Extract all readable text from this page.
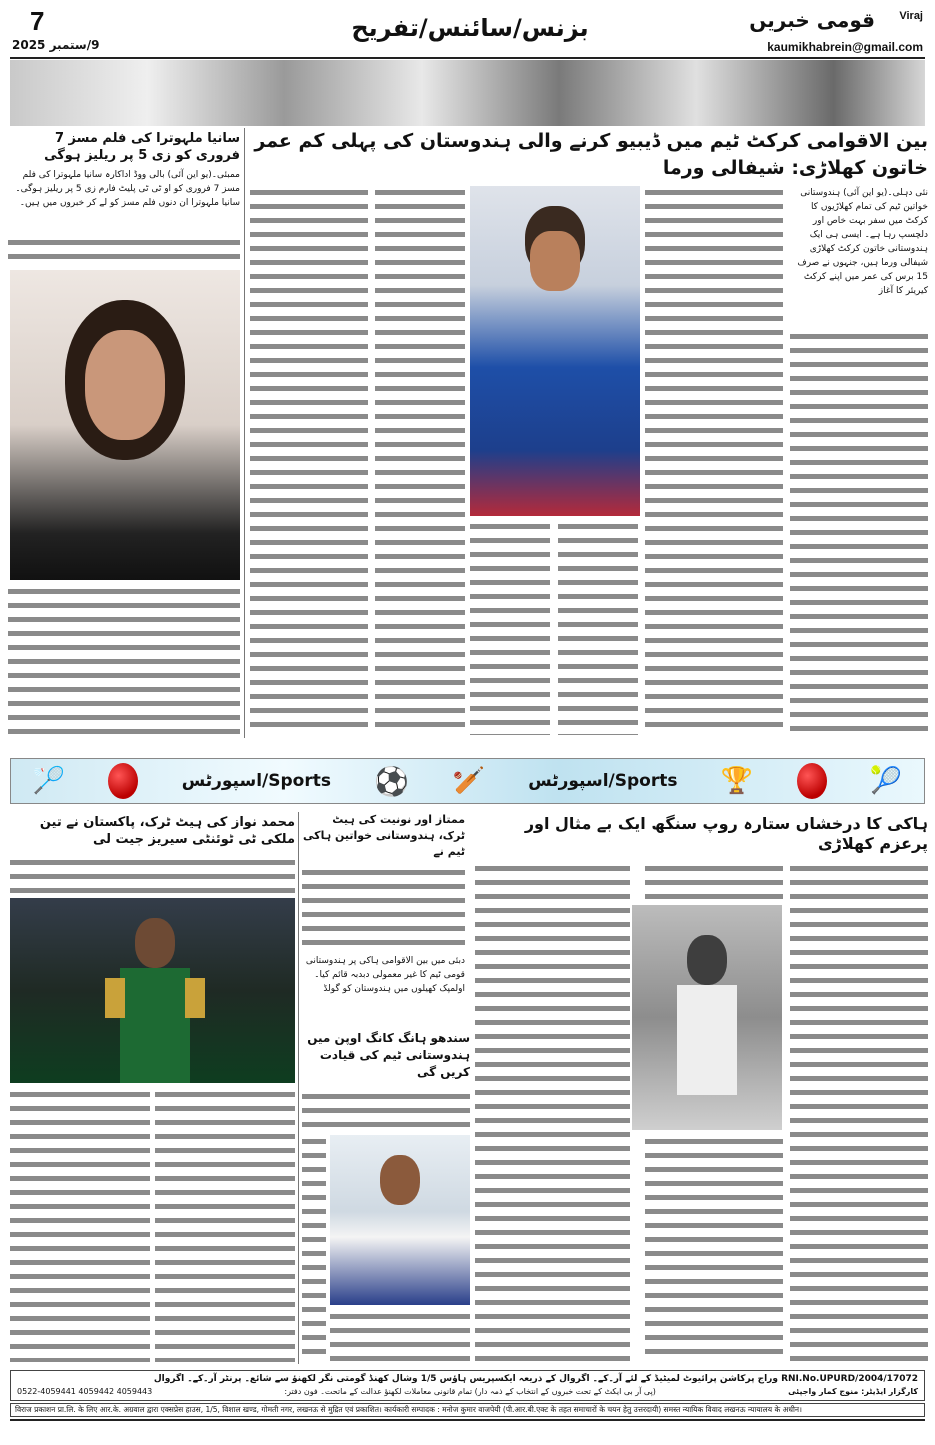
7
9/ستمبر 2025
بزنس/سائنس/تفریح	قومی خبریں Viraj
kaumikhabrein@gmail.com
بین الاقوامی کرکٹ ٹیم میں ڈیبیو کرنے والی ہندوستان کی پہلی کم عمر خاتون کھلاڑی: شیفالی ورما
نئی دہلی۔(یو این آئی) ہندوستانی خواتین ٹیم کی تمام کھلاڑیوں کا کرکٹ میں سفر بہت خاص اور دلچسپ رہا ہے۔ ایسی ہی ایک ہندوستانی خاتون کرکٹ کھلاڑی شیفالی ورما ہیں، جنہوں نے صرف 15 برس کی عمر میں اپنے کرکٹ کیریئر کا آغاز
سانیا ملہوترا کی فلم مسز 7 فروری کو زی 5 پر ریلیز ہوگی
ممبئی۔(یو این آئی) بالی ووڈ اداکارہ سانیا ملہوترا کی فلم مسز 7 فروری کو او ٹی ٹی پلیٹ فارم زی 5 پر ریلیز ہوگی۔ سانیا ملہوترا ان دنوں فلم مسز کو لے کر خبروں میں ہیں۔
🏸	اسپورٹس/Sports ⚽ 🏏	اسپورٹس/Sports 🏆	🎾
ہاکی کا درخشاں ستارہ روپ سنگھ ایک بے مثال اور پرعزم کھلاڑی
ممتاز اور نونیت کی ہیٹ ٹرک، ہندوستانی خواتین ہاکی ٹیم نے
محمد نواز کی ہیٹ ٹرک، پاکستان نے تین ملکی ٹی ٹوئنٹی سیریز جیت لی
دبئی میں بین الاقوامی ہاکی پر ہندوستانی قومی ٹیم کا غیر معمولی دبدبہ قائم کیا۔ اولمپک کھیلوں میں ہندوستان کو گولڈ
سندھو ہانگ کانگ اوپن میں ہندوستانی ٹیم کی قیادت کریں گی
RNI.No.UPURD/2004/17072 وراج پرکاشن پرائیوٹ لمیٹیڈ کے لئے آر۔کے۔ اگروال کے ذریعہ ایکسپریس ہاؤس 1/5 وشال کھنڈ گومتی نگر لکھنؤ سے شائع۔ پرنٹر آر۔کے۔ اگروال
کارگزار ایڈیٹر: منوج کمار واجپئی
(پی آر بی ایکٹ کے تحت خبروں کے انتخاب کے ذمہ دار) تمام قانونی معاملات لکھنؤ عدالت کے ماتحت۔ فون دفتر:
0522-4059441 4059442 4059443
विराज प्रकाशन प्रा.लि. के लिए आर.के. अग्रवाल द्वारा एक्सप्रेस हाउस, 1/5, विशाल खण्ड, गोमती नगर, लखनऊ से मुद्रित एवं प्रकाशित। कार्यकारी सम्पादक : मनोज कुमार वाजपेयी (पी.आर.बी.एक्ट के तहत समाचारों के चयन हेतु उत्तरदायी) समस्त न्यायिक विवाद लखनऊ न्यायालय के अधीन।
